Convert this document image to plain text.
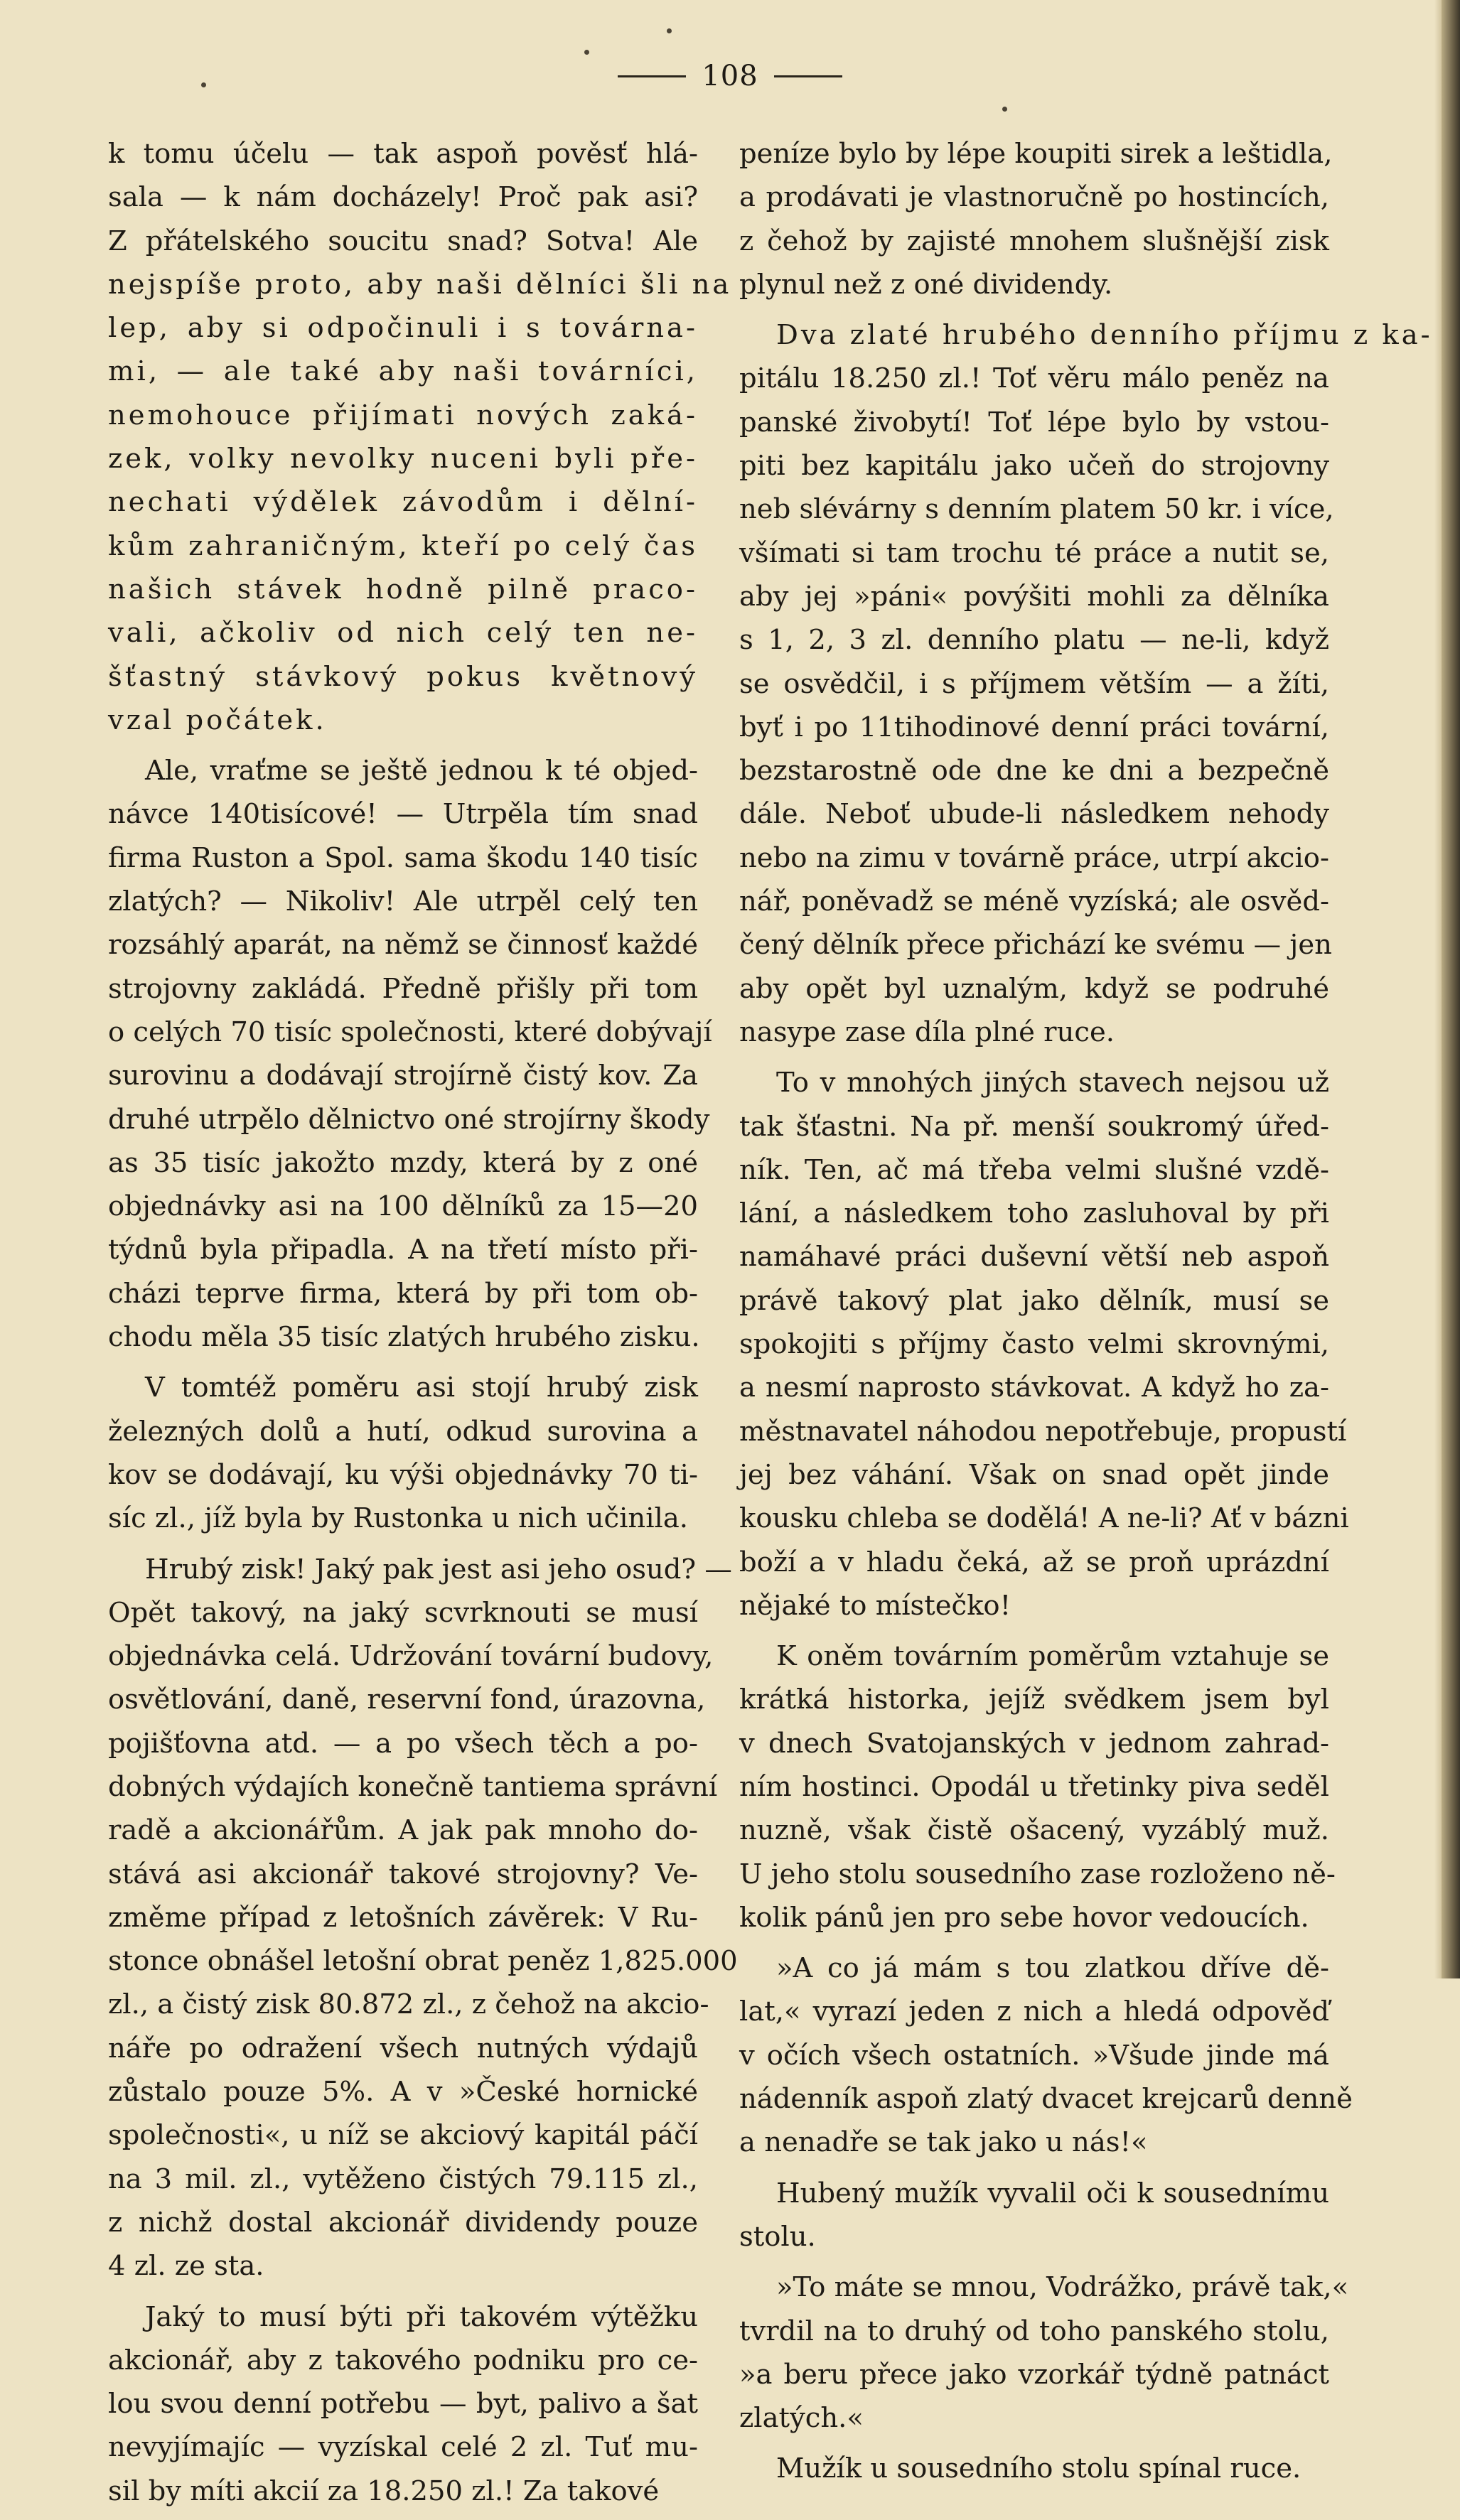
108
k tomu účelu — tak aspoň pověsť hlá-
sala — k nám docházely! Proč pak asi?
Z přátelského soucitu snad? Sotva! Ale
nejspíše proto, aby naši dělníci šli na
lep, aby si odpočinuli i s továrna-
mi, — ale také aby naši továrníci,
nemohouce přijímati nových zaká-
zek, volky nevolky nuceni byli pře-
nechati výdělek závodům i dělní-
kům zahraničným, kteří po celý čas
našich stávek hodně pilně praco-
vali, ačkoliv od nich celý ten ne-
šťastný stávkový pokus květnový
vzal počátek.
Ale, vraťme se ještě jednou k té objed-
návce 140tisícové! — Utrpěla tím snad
firma Ruston a Spol. sama škodu 140 tisíc
zlatých? — Nikoliv! Ale utrpěl celý ten
rozsáhlý aparát, na němž se činnosť každé
strojovny zakládá. Předně přišly při tom
o celých 70 tisíc společnosti, které dobývají
surovinu a dodávají strojírně čistý kov. Za
druhé utrpělo dělnictvo oné strojírny škody
as 35 tisíc jakožto mzdy, která by z oné
objednávky asi na 100 dělníků za 15—20
týdnů byla připadla. A na třetí místo při-
cházi teprve firma, která by při tom ob-
chodu měla 35 tisíc zlatých hrubého zisku.
V tomtéž poměru asi stojí hrubý zisk
železných dolů a hutí, odkud surovina a
kov se dodávají, ku výši objednávky 70 ti-
síc zl., jíž byla by Rustonka u nich učinila.
Hrubý zisk! Jaký pak jest asi jeho osud? —
Opět takový, na jaký scvrknouti se musí
objednávka celá. Udržování tovární budovy,
osvětlování, daně, reservní fond, úrazovna,
pojišťovna atd. — a po všech těch a po-
dobných výdajích konečně tantiema správní
radě a akcionářům. A jak pak mnoho do-
stává asi akcionář takové strojovny? Ve-
změme případ z letošních závěrek: V Ru-
stonce obnášel letošní obrat peněz 1,825.000
zl., a čistý zisk 80.872 zl., z čehož na akcio-
náře po odražení všech nutných výdajů
zůstalo pouze 5%. A v »České hornické
společnosti«, u níž se akciový kapitál páčí
na 3 mil. zl., vytěženo čistých 79.115 zl.,
z nichž dostal akcionář dividendy pouze
4 zl. ze sta.
Jaký to musí býti při takovém výtěžku
akcionář, aby z takového podniku pro ce-
lou svou denní potřebu — byt, palivo a šat
nevyjímajíc — vyzískal celé 2 zl. Tuť mu-
sil by míti akcií za 18.250 zl.! Za takové
peníze bylo by lépe koupiti sirek a leštidla,
a prodávati je vlastnoručně po hostincích,
z čehož by zajisté mnohem slušnější zisk
plynul než z oné dividendy.
Dva zlaté hrubého denního příjmu z ka-
pitálu 18.250 zl.! Toť věru málo peněz na
panské živobytí! Toť lépe bylo by vstou-
piti bez kapitálu jako učeň do strojovny
neb slévárny s denním platem 50 kr. i více,
všímati si tam trochu té práce a nutit se,
aby jej »páni« povýšiti mohli za dělníka
s 1, 2, 3 zl. denního platu — ne-li, když
se osvědčil, i s příjmem větším — a žíti,
byť i po 11tihodinové denní práci tovární,
bezstarostně ode dne ke dni a bezpečně
dále. Neboť ubude-li následkem nehody
nebo na zimu v továrně práce, utrpí akcio-
nář, poněvadž se méně vyzíská; ale osvěd-
čený dělník přece přichází ke svému — jen
aby opět byl uznalým, když se podruhé
nasype zase díla plné ruce.
To v mnohých jiných stavech nejsou už
tak šťastni. Na př. menší soukromý úřed-
ník. Ten, ač má třeba velmi slušné vzdě-
lání, a následkem toho zasluhoval by při
namáhavé práci duševní větší neb aspoň
právě takový plat jako dělník, musí se
spokojiti s příjmy často velmi skrovnými,
a nesmí naprosto stávkovat. A když ho za-
městnavatel náhodou nepotřebuje, propustí
jej bez váhání. Však on snad opět jinde
kousku chleba se dodělá! A ne-li? Ať v bázni
boží a v hladu čeká, až se proň uprázdní
nějaké to místečko!
K oněm továrním poměrům vztahuje se
krátká historka, jejíž svědkem jsem byl
v dnech Svatojanských v jednom zahrad-
ním hostinci. Opodál u třetinky piva seděl
nuzně, však čistě ošacený, vyzáblý muž.
U jeho stolu sousedního zase rozloženo ně-
kolik pánů jen pro sebe hovor vedoucích.
»A co já mám s tou zlatkou dříve dě-
lat,« vyrazí jeden z nich a hledá odpověď
v očích všech ostatních. »Všude jinde má
nádenník aspoň zlatý dvacet krejcarů denně
a nenadře se tak jako u nás!«
Hubený mužík vyvalil oči k sousednímu
stolu.
»To máte se mnou, Vodrážko, právě tak,«
tvrdil na to druhý od toho panského stolu,
»a beru přece jako vzorkář týdně patnáct
zlatých.«
Mužík u sousedního stolu spínal ruce.
